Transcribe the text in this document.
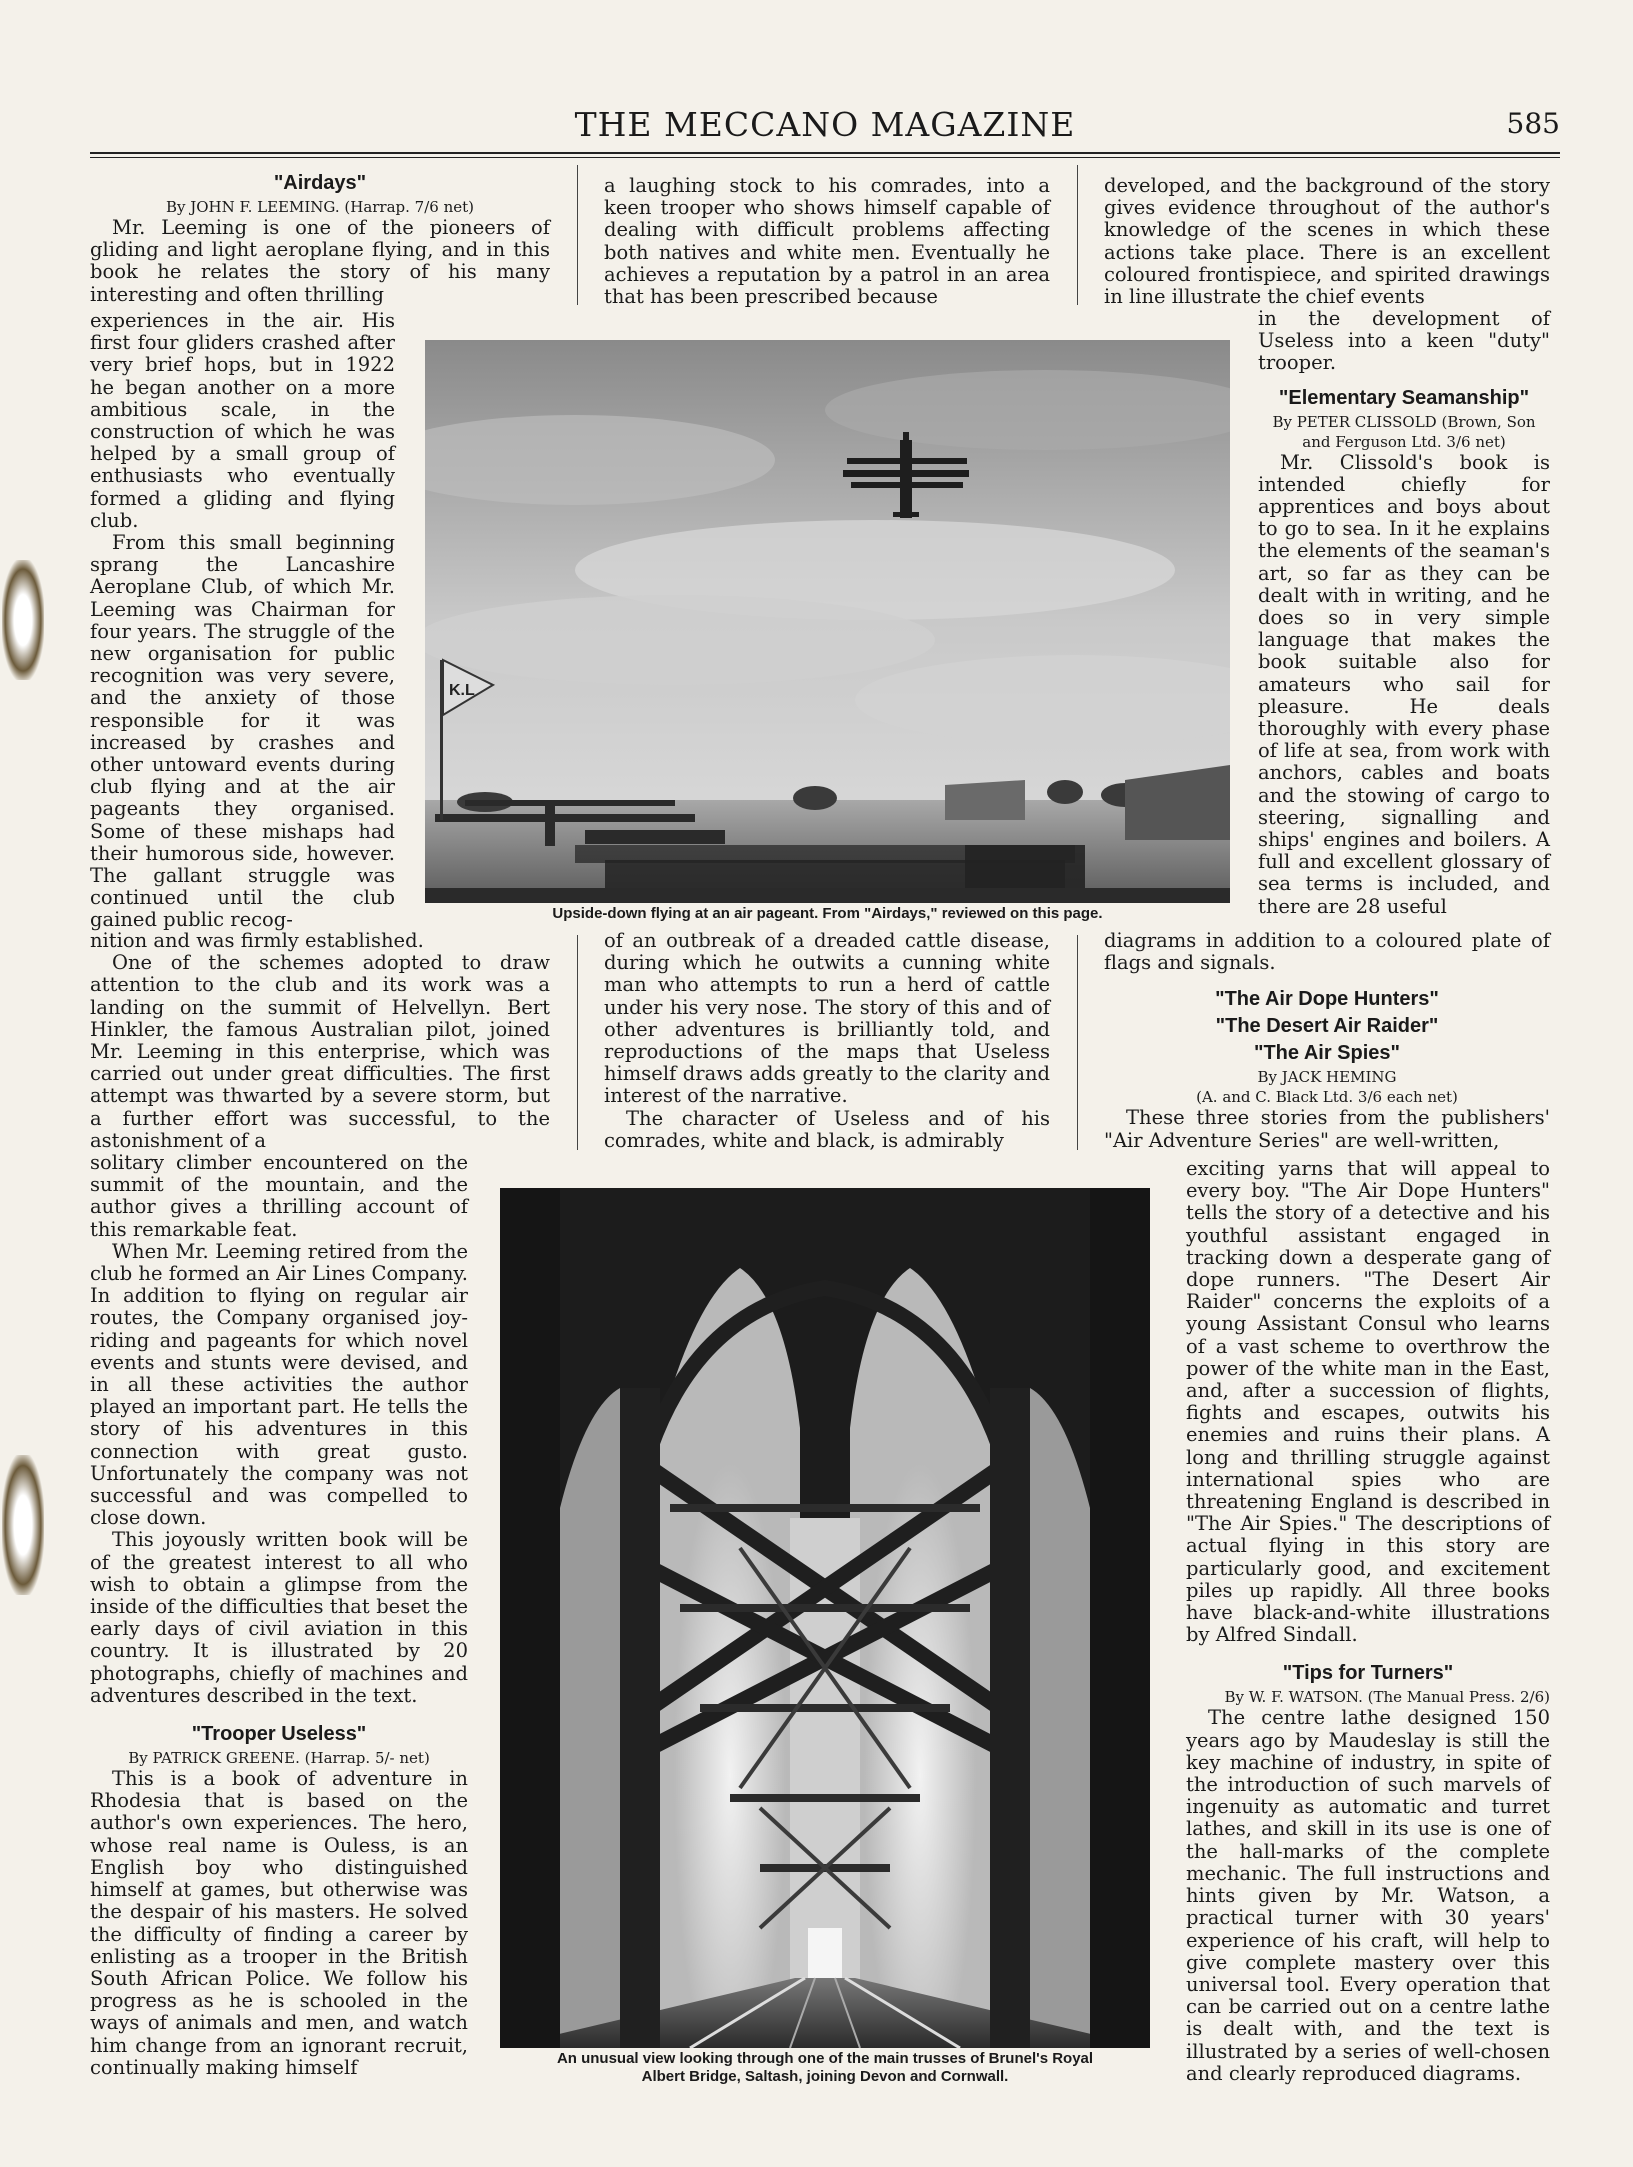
THE MECCANO MAGAZINE	585
"Airdays"
By JOHN F. LEEMING. (Harrap. 7/6 net)

Mr. Leeming is one of the pioneers of gliding and light aeroplane flying, and in this book he relates the story of his many interesting and often thrilling

experiences in the air. His first four gliders crashed after very brief hops, but in 1922 he began another on a more ambitious scale, in the construction of which he was helped by a small group of enthusiasts who eventually formed a gliding and flying club.

From this small beginning sprang the Lancashire Aeroplane Club, of which Mr. Leeming was Chairman for four years. The struggle of the new organisation for public recognition was very severe, and the anxiety of those responsible for it was increased by crashes and other untoward events during club flying and at the air pageants they organised. Some of these mishaps had their humorous side, however. The gallant struggle was continued until the club gained public recog-

nition and was firmly established.

One of the schemes adopted to draw attention to the club and its work was a landing on the summit of Helvellyn. Bert Hinkler, the famous Australian pilot, joined Mr. Leeming in this enterprise, which was carried out under great difficulties. The first attempt was thwarted by a severe storm, but a further effort was successful, to the astonishment of a

solitary climber encountered on the summit of the mountain, and the author gives a thrilling account of this remarkable feat.

When Mr. Leeming retired from the club he formed an Air Lines Company. In addition to flying on regular air routes, the Company organised joy-riding and pageants for which novel events and stunts were devised, and in all these activities the author played an important part. He tells the story of his adventures in this connection with great gusto. Unfortunately the company was not successful and was compelled to close down.

This joyously written book will be of the greatest interest to all who wish to obtain a glimpse from the inside of the difficulties that beset the early days of civil aviation in this country. It is illustrated by 20 photographs, chiefly of machines and adventures described in the text.

"Trooper Useless"
By PATRICK GREENE. (Harrap. 5/- net)

This is a book of adventure in Rhodesia that is based on the author's own experiences. The hero, whose real name is Ouless, is an English boy who distinguished himself at games, but otherwise was the despair of his masters. He solved the difficulty of finding a career by enlisting as a trooper in the British South African Police. We follow his progress as he is schooled in the ways of animals and men, and watch him change from an ignorant recruit, continually making himself

a laughing stock to his comrades, into a keen trooper who shows himself capable of dealing with difficult problems affecting both natives and white men. Eventually he achieves a reputation by a patrol in an area that has been prescribed because

of an outbreak of a dreaded cattle disease, during which he outwits a cunning white man who attempts to run a herd of cattle under his very nose. The story of this and of other adventures is brilliantly told, and reproductions of the maps that Useless himself draws adds greatly to the clarity and interest of the narrative.

The character of Useless and of his comrades, white and black, is admirably

developed, and the background of the story gives evidence throughout of the author's knowledge of the scenes in which these actions take place. There is an excellent coloured frontispiece, and spirited drawings in line illustrate the chief events

in the development of Useless into a keen "duty" trooper.

"Elementary Seamanship"
By PETER CLISSOLD (Brown, Son and Ferguson Ltd. 3/6 net)

Mr. Clissold's book is intended chiefly for apprentices and boys about to go to sea. In it he explains the elements of the seaman's art, so far as they can be dealt with in writing, and he does so in very simple language that makes the book suitable also for amateurs who sail for pleasure. He deals thoroughly with every phase of life at sea, from work with anchors, cables and boats and the stowing of cargo to steering, signalling and ships' engines and boilers. A full and excellent glossary of sea terms is included, and there are 28 useful

diagrams in addition to a coloured plate of flags and signals.

"The Air Dope Hunters"
"The Desert Air Raider"
"The Air Spies"
By JACK HEMING
(A. and C. Black Ltd. 3/6 each net)

These three stories from the publishers' "Air Adventure Series" are well-written,

exciting yarns that will appeal to every boy. "The Air Dope Hunters" tells the story of a detective and his youthful assistant engaged in tracking down a desperate gang of dope runners. "The Desert Air Raider" concerns the exploits of a young Assistant Consul who learns of a vast scheme to overthrow the power of the white man in the East, and, after a succession of flights, fights and escapes, outwits his enemies and ruins their plans. A long and thrilling struggle against international spies who are threatening England is described in "The Air Spies." The descriptions of actual flying in this story are particularly good, and excitement piles up rapidly. All three books have black-and-white illustrations by Alfred Sindall.

"Tips for Turners"
By W. F. WATSON. (The Manual Press. 2/6)

The centre lathe designed 150 years ago by Maudeslay is still the key machine of industry, in spite of the introduction of such marvels of ingenuity as automatic and turret lathes, and skill in its use is one of the hall-marks of the complete mechanic. The full instructions and hints given by Mr. Watson, a practical turner with 30 years' experience of his craft, will help to give complete mastery over this universal tool. Every operation that can be carried out on a centre lathe is dealt with, and the text is illustrated by a series of well-chosen and clearly reproduced diagrams.

K.L
Upside-down flying at an air pageant. From "Airdays," reviewed on this page.
An unusual view looking through one of the main trusses of Brunel's Royal
Albert Bridge, Saltash, joining Devon and Cornwall.
